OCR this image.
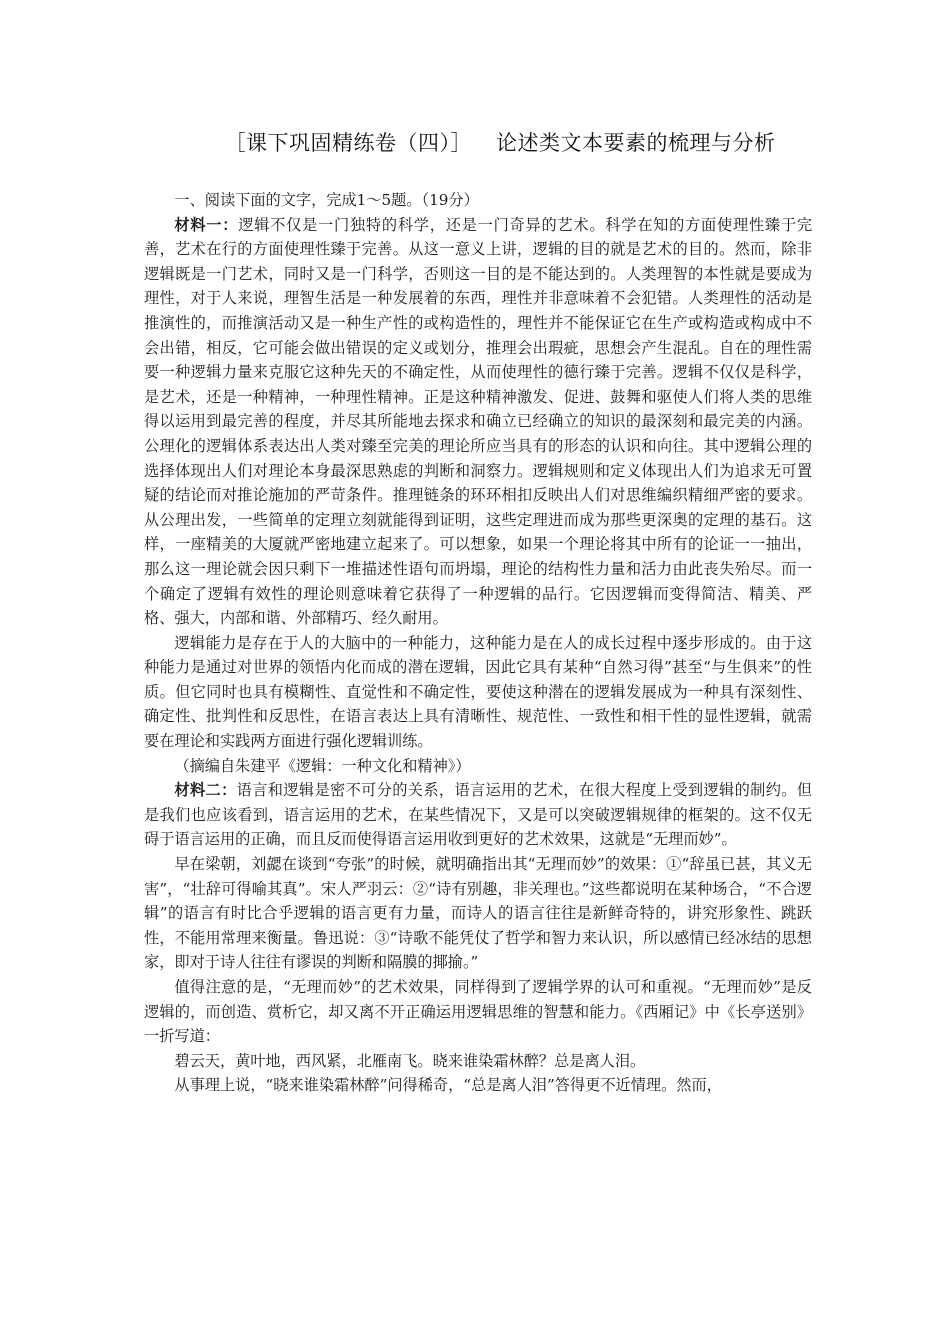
［课下巩固精练卷（四）］ 论述类文本要素的梳理与分析

一、阅读下面的文字，完成1～5题。（19分）

材料一：逻辑不仅是一门独特的科学，还是一门奇异的艺术。科学在知的方面使理性臻于完善，艺术在行的方面使理性臻于完善。从这一意义上讲，逻辑的目的就是艺术的目的。然而，除非逻辑既是一门艺术，同时又是一门科学，否则这一目的是不能达到的。人类理智的本性就是要成为理性，对于人来说，理智生活是一种发展着的东西，理性并非意味着不会犯错。人类理性的活动是推演性的，而推演活动又是一种生产性的或构造性的，理性并不能保证它在生产或构造或构成中不会出错，相反，它可能会做出错误的定义或划分，推理会出瑕疵，思想会产生混乱。自在的理性需要一种逻辑力量来克服它这种先天的不确定性，从而使理性的德行臻于完善。逻辑不仅仅是科学，是艺术，还是一种精神，一种理性精神。正是这种精神激发、促进、鼓舞和驱使人们将人类的思维得以运用到最完善的程度，并尽其所能地去探求和确立已经确立的知识的最深刻和最完美的内涵。公理化的逻辑体系表达出人类对臻至完美的理论所应当具有的形态的认识和向往。其中逻辑公理的选择体现出人们对理论本身最深思熟虑的判断和洞察力。逻辑规则和定义体现出人们为追求无可置疑的结论而对推论施加的严苛条件。推理链条的环环相扣反映出人们对思维编织精细严密的要求。从公理出发，一些简单的定理立刻就能得到证明，这些定理进而成为那些更深奥的定理的基石。这样，一座精美的大厦就严密地建立起来了。可以想象，如果一个理论将其中所有的论证一一抽出，那么这一理论就会因只剩下一堆描述性语句而坍塌，理论的结构性力量和活力由此丧失殆尽。而一个确定了逻辑有效性的理论则意味着它获得了一种逻辑的品行。它因逻辑而变得简洁、精美、严格、强大，内部和谐、外部精巧、经久耐用。

逻辑能力是存在于人的大脑中的一种能力，这种能力是在人的成长过程中逐步形成的。由于这种能力是通过对世界的领悟内化而成的潜在逻辑，因此它具有某种“自然习得”甚至“与生俱来”的性质。但它同时也具有模糊性、直觉性和不确定性，要使这种潜在的逻辑发展成为一种具有深刻性、确定性、批判性和反思性，在语言表达上具有清晰性、规范性、一致性和相干性的显性逻辑，就需要在理论和实践两方面进行强化逻辑训练。

（摘编自朱建平《逻辑：一种文化和精神》）

材料二：语言和逻辑是密不可分的关系，语言运用的艺术，在很大程度上受到逻辑的制约。但是我们也应该看到，语言运用的艺术，在某些情况下，又是可以突破逻辑规律的框架的。这不仅无碍于语言运用的正确，而且反而使得语言运用收到更好的艺术效果，这就是“无理而妙”。

早在梁朝，刘勰在谈到“夸张”的时候，就明确指出其“无理而妙”的效果：①“辞虽已甚，其义无害”，“壮辞可得喻其真”。宋人严羽云：②“诗有别趣，非关理也。”这些都说明在某种场合，“不合逻辑”的语言有时比合乎逻辑的语言更有力量，而诗人的语言往往是新鲜奇特的，讲究形象性、跳跃性，不能用常理来衡量。鲁迅说：③“诗歌不能凭仗了哲学和智力来认识，所以感情已经冰结的思想家，即对于诗人往往有谬误的判断和隔膜的揶揄。”

值得注意的是，“无理而妙”的艺术效果，同样得到了逻辑学界的认可和重视。“无理而妙”是反逻辑的，而创造、赏析它，却又离不开正确运用逻辑思维的智慧和能力。《西厢记》中《长亭送别》一折写道：

碧云天，黄叶地，西风紧，北雁南飞。晓来谁染霜林醉？总是离人泪。

从事理上说，“晓来谁染霜林醉”问得稀奇，“总是离人泪”答得更不近情理。然而，
